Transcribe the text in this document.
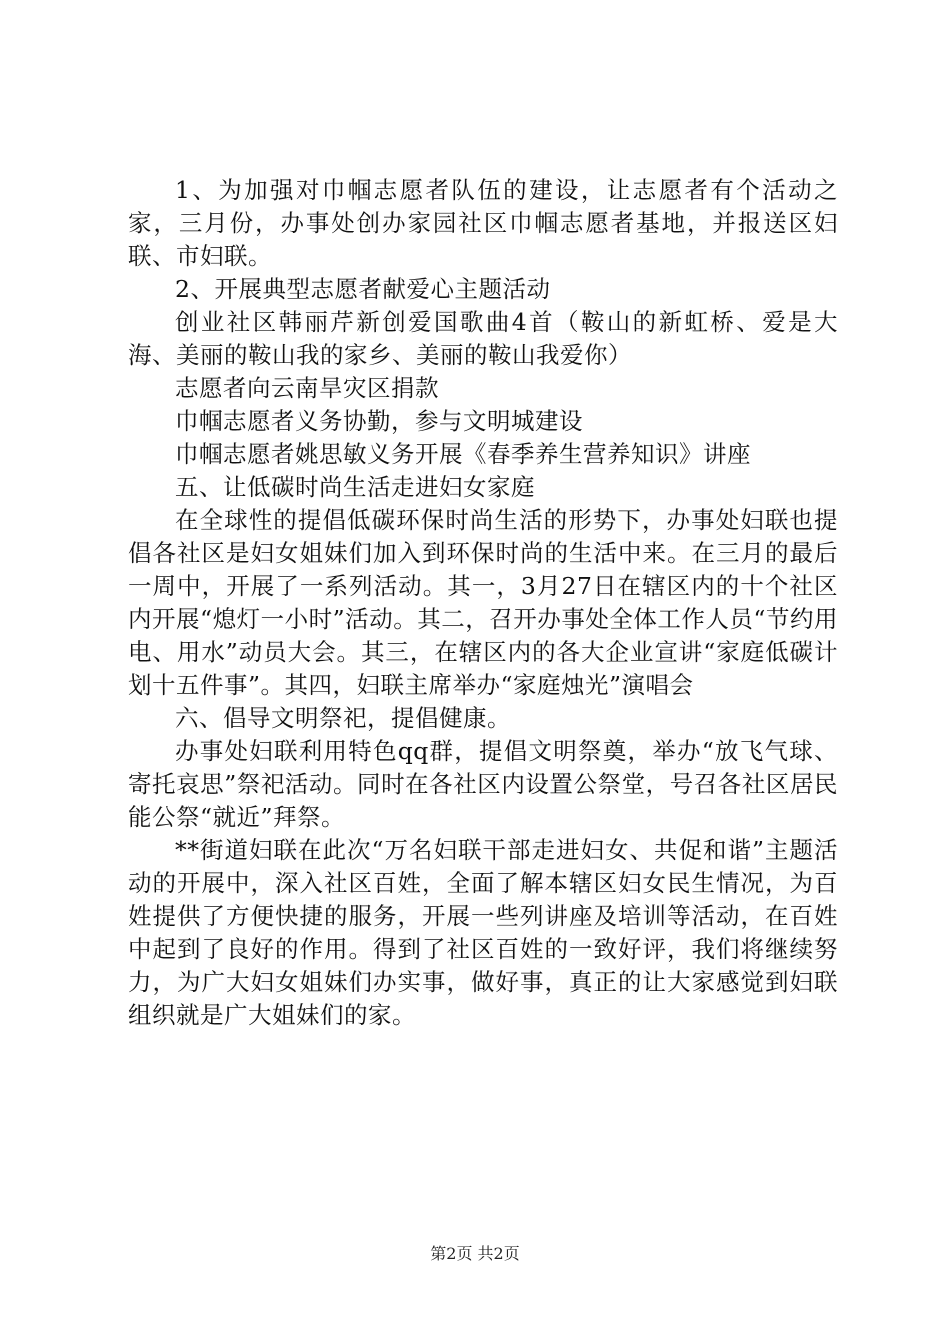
1、为加强对巾帼志愿者队伍的建设，让志愿者有个活动之家，三月份，办事处创办家园社区巾帼志愿者基地，并报送区妇联、市妇联。

2、开展典型志愿者献爱心主题活动

创业社区韩丽芹新创爱国歌曲4首（鞍山的新虹桥、爱是大海、美丽的鞍山我的家乡、美丽的鞍山我爱你）

志愿者向云南旱灾区捐款

巾帼志愿者义务协勤，参与文明城建设

巾帼志愿者姚思敏义务开展《春季养生营养知识》讲座

五、让低碳时尚生活走进妇女家庭

在全球性的提倡低碳环保时尚生活的形势下，办事处妇联也提倡各社区是妇女姐妹们加入到环保时尚的生活中来。在三月的最后一周中，开展了一系列活动。其一，3月27日在辖区内的十个社区内开展“熄灯一小时”活动。其二，召开办事处全体工作人员“节约用电、用水”动员大会。其三，在辖区内的各大企业宣讲“家庭低碳计划十五件事”。其四，妇联主席举办“家庭烛光”演唱会

六、倡导文明祭祀，提倡健康。

办事处妇联利用特色qq群，提倡文明祭奠，举办“放飞气球、寄托哀思”祭祀活动。同时在各社区内设置公祭堂，号召各社区居民能公祭“就近”拜祭。

**街道妇联在此次“万名妇联干部走进妇女、共促和谐”主题活动的开展中，深入社区百姓，全面了解本辖区妇女民生情况，为百姓提供了方便快捷的服务，开展一些列讲座及培训等活动，在百姓中起到了良好的作用。得到了社区百姓的一致好评，我们将继续努力，为广大妇女姐妹们办实事，做好事，真正的让大家感觉到妇联组织就是广大姐妹们的家。

第2页 共2页
